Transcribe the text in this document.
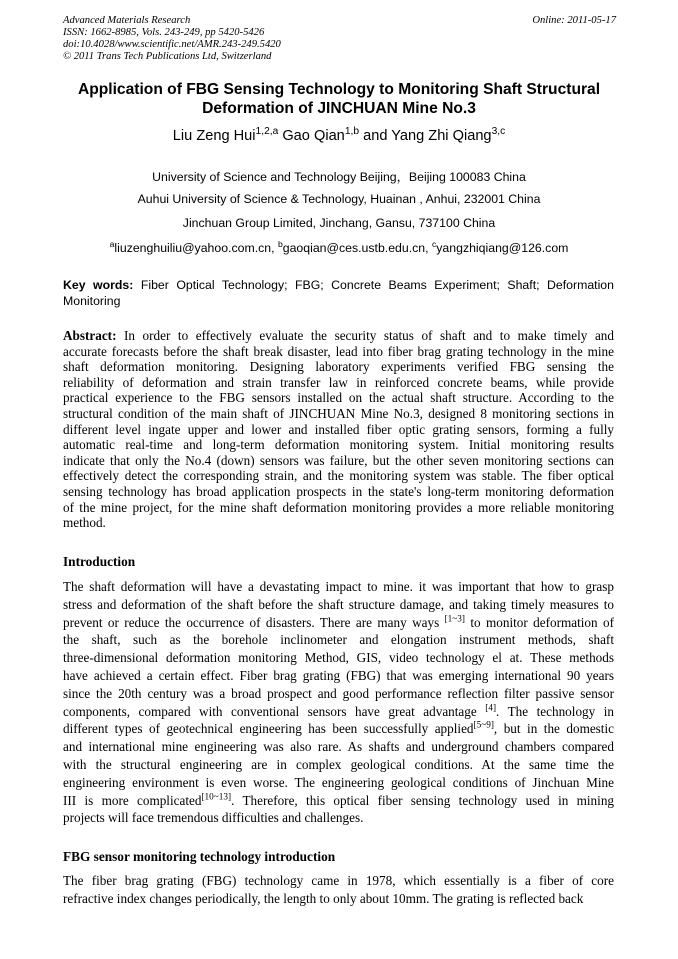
Advanced Materials Research
ISSN: 1662-8985, Vols. 243-249, pp 5420-5426
doi:10.4028/www.scientific.net/AMR.243-249.5420
© 2011 Trans Tech Publications Ltd, Switzerland
Online: 2011-05-17
Application of FBG Sensing Technology to Monitoring Shaft Structural
Deformation of JINCHUAN Mine No.3
Liu Zeng Hui$^{1,2,a}$ Gao Qian$^{1,b}$ and Yang Zhi Qiang$^{3,c}$
University of Science and Technology Beijing，Beijing 100083 China
Auhui University of Science & Technology, Huainan , Anhui, 232001 China
Jinchuan Group Limited, Jinchang, Gansu, 737100 China
$^a$liuzenghuiliu@yahoo.com.cn, $^b$gaoqian@ces.ustb.edu.cn, $^c$yangzhiqiang@126.com
Key words: Fiber Optical Technology; FBG; Concrete Beams Experiment; Shaft; Deformation Monitoring
Abstract: In order to effectively evaluate the security status of shaft and to make timely and
accurate forecasts before the shaft break disaster, lead into fiber brag grating technology in the mine
shaft deformation monitoring. Designing laboratory experiments verified FBG sensing the
reliability of deformation and strain transfer law in reinforced concrete beams, while provide
practical experience to the FBG sensors installed on the actual shaft structure. According to the
structural condition of the main shaft of JINCHUAN Mine No.3, designed 8 monitoring sections in
different level ingate upper and lower and installed fiber optic grating sensors, forming a fully
automatic real-time and long-term deformation monitoring system. Initial monitoring results
indicate that only the No.4 (down) sensors was failure, but the other seven monitoring sections can
effectively detect the corresponding strain, and the monitoring system was stable. The fiber optical
sensing technology has broad application prospects in the state's long-term monitoring deformation
of the mine project, for the mine shaft deformation monitoring provides a more reliable monitoring
method.
Introduction
The shaft deformation will have a devastating impact to mine. it was important that how to grasp
stress and deformation of the shaft before the shaft structure damage, and taking timely measures to
prevent or reduce the occurrence of disasters. There are many ways [1~3] to monitor deformation of
the shaft, such as the borehole inclinometer and elongation instrument methods, shaft
three-dimensional deformation monitoring Method, GIS, video technology el at. These methods
have achieved a certain effect. Fiber brag grating (FBG) that was emerging international 90 years
since the 20th century was a broad prospect and good performance reflection filter passive sensor
components, compared with conventional sensors have great advantage [4]. The technology in
different types of geotechnical engineering has been successfully applied[5~9], but in the domestic
and international mine engineering was also rare. As shafts and underground chambers compared
with the structural engineering are in complex geological conditions. At the same time the
engineering environment is even worse. The engineering geological conditions of Jinchuan Mine
III is more complicated[10~13]. Therefore, this optical fiber sensing technology used in mining
projects will face tremendous difficulties and challenges.
FBG sensor monitoring technology introduction
The fiber brag grating (FBG) technology came in 1978, which essentially is a fiber of core
refractive index changes periodically, the length to only about 10mm. The grating is reflected back
